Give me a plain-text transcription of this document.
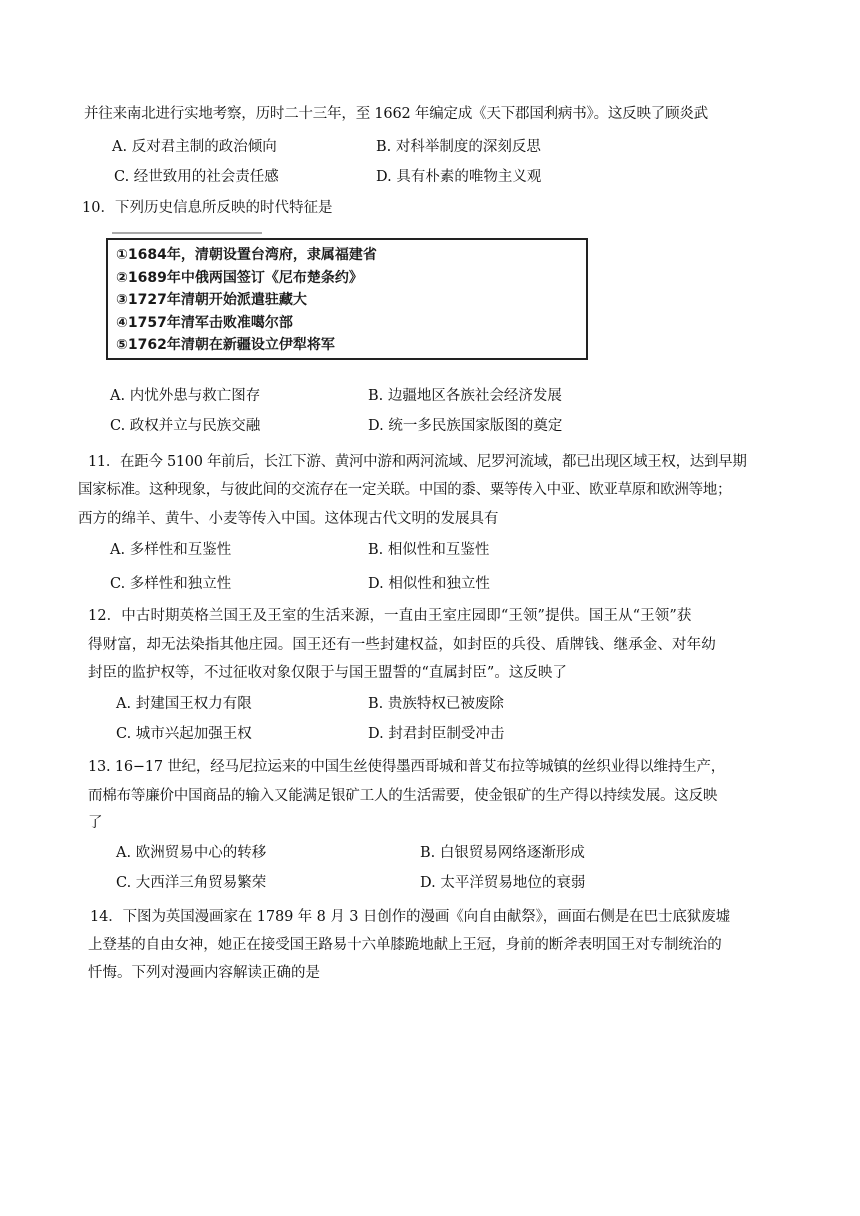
并往来南北进行实地考察，历时二十三年，至 1662 年编定成《天下郡国利病书》。这反映了顾炎武
A. 反对君主制的政治倾向	B. 对科举制度的深刻反思
C. 经世致用的社会责任感	D. 具有朴素的唯物主义观
10．下列历史信息所反映的时代特征是
①1684年，清朝设置台湾府，隶属福建省
②1689年中俄两国签订《尼布楚条约》
③1727年清朝开始派遣驻藏大
④1757年清军击败准噶尔部
⑤1762年清朝在新疆设立伊犁将军
A. 内忧外患与救亡图存	B. 边疆地区各族社会经济发展
C. 政权并立与民族交融	D. 统一多民族国家版图的奠定
11．在距今 5100 年前后，长江下游、黄河中游和两河流域、尼罗河流域，都已出现区域王权，达到早期
国家标准。这种现象，与彼此间的交流存在一定关联。中国的黍、粟等传入中亚、欧亚草原和欧洲等地；
西方的绵羊、黄牛、小麦等传入中国。这体现古代文明的发展具有
A. 多样性和互鉴性	B. 相似性和互鉴性
C. 多样性和独立性	D. 相似性和独立性
12．中古时期英格兰国王及王室的生活来源，一直由王室庄园即“王领”提供。国王从“王领”获
得财富，却无法染指其他庄园。国王还有一些封建权益，如封臣的兵役、盾牌钱、继承金、对年幼
封臣的监护权等，不过征收对象仅限于与国王盟誓的“直属封臣”。这反映了
A. 封建国王权力有限	B. 贵族特权已被废除
C. 城市兴起加强王权	D. 封君封臣制受冲击
13. 16−17 世纪，经马尼拉运来的中国生丝使得墨西哥城和普艾布拉等城镇的丝织业得以维持生产，
而棉布等廉价中国商品的输入又能满足银矿工人的生活需要，使金银矿的生产得以持续发展。这反映
了
A. 欧洲贸易中心的转移	B. 白银贸易网络逐渐形成
C. 大西洋三角贸易繁荣	D. 太平洋贸易地位的衰弱
14．下图为英国漫画家在 1789 年 8 月 3 日创作的漫画《向自由献祭》，画面右侧是在巴士底狱废墟
上登基的自由女神，她正在接受国王路易十六单膝跪地献上王冠，身前的断斧表明国王对专制统治的
忏悔。下列对漫画内容解读正确的是
